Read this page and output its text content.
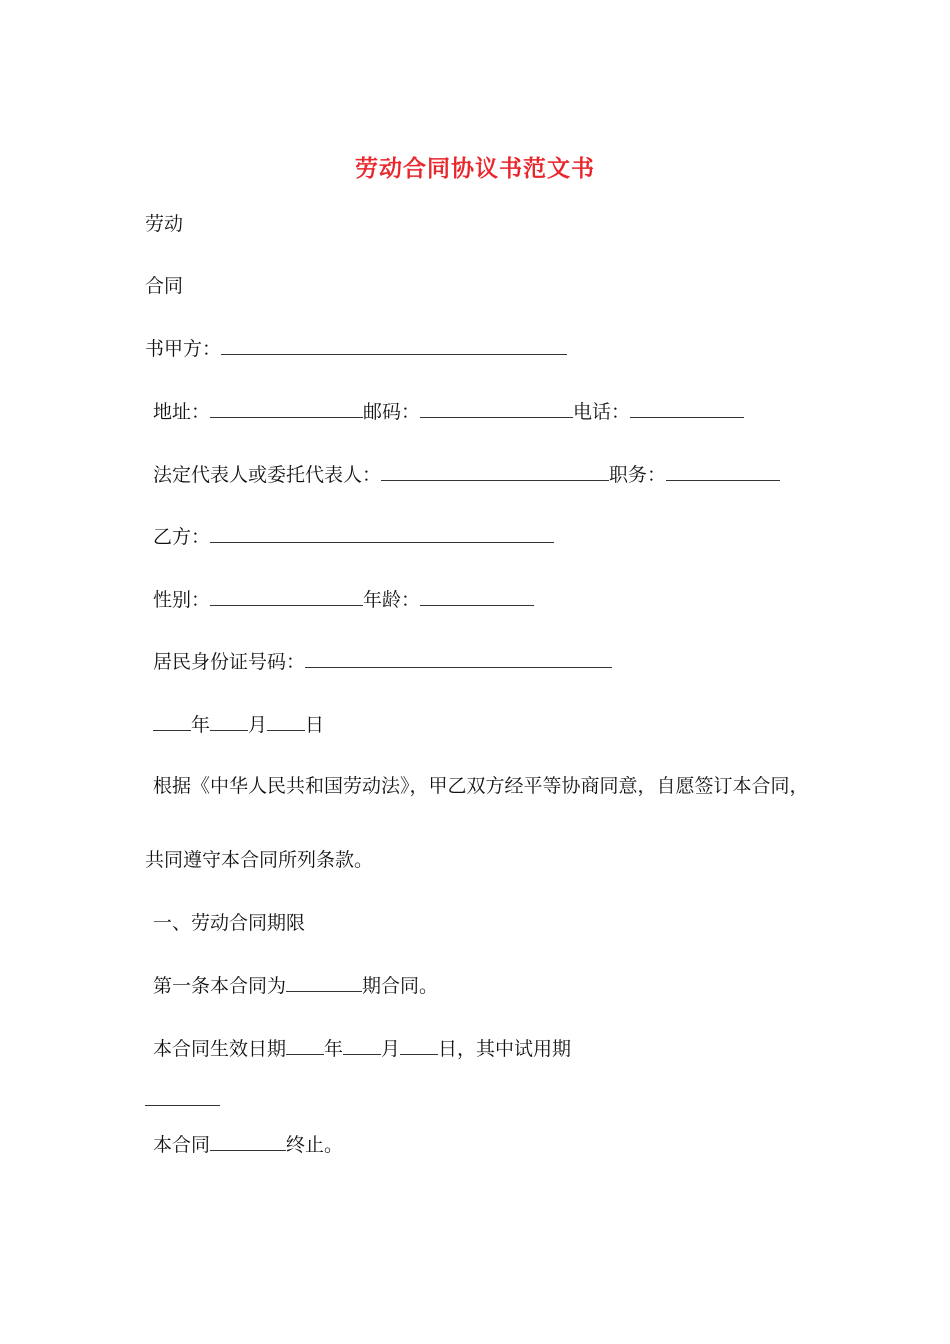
劳动合同协议书范文书
劳动
合同
书甲方：
地址：	邮码：	电话：
法定代表人或委托代表人：	职务：
乙方：
性别：	年龄：
居民身份证号码：
年 月 日
根据《中华人民共和国劳动法》，甲乙双方经平等协商同意，自愿签订本合同，
共同遵守本合同所列条款。
一、劳动合同期限
第一条本合同为	期合同。
本合同生效日期 年 月 日，其中试用期
本合同	终止。
